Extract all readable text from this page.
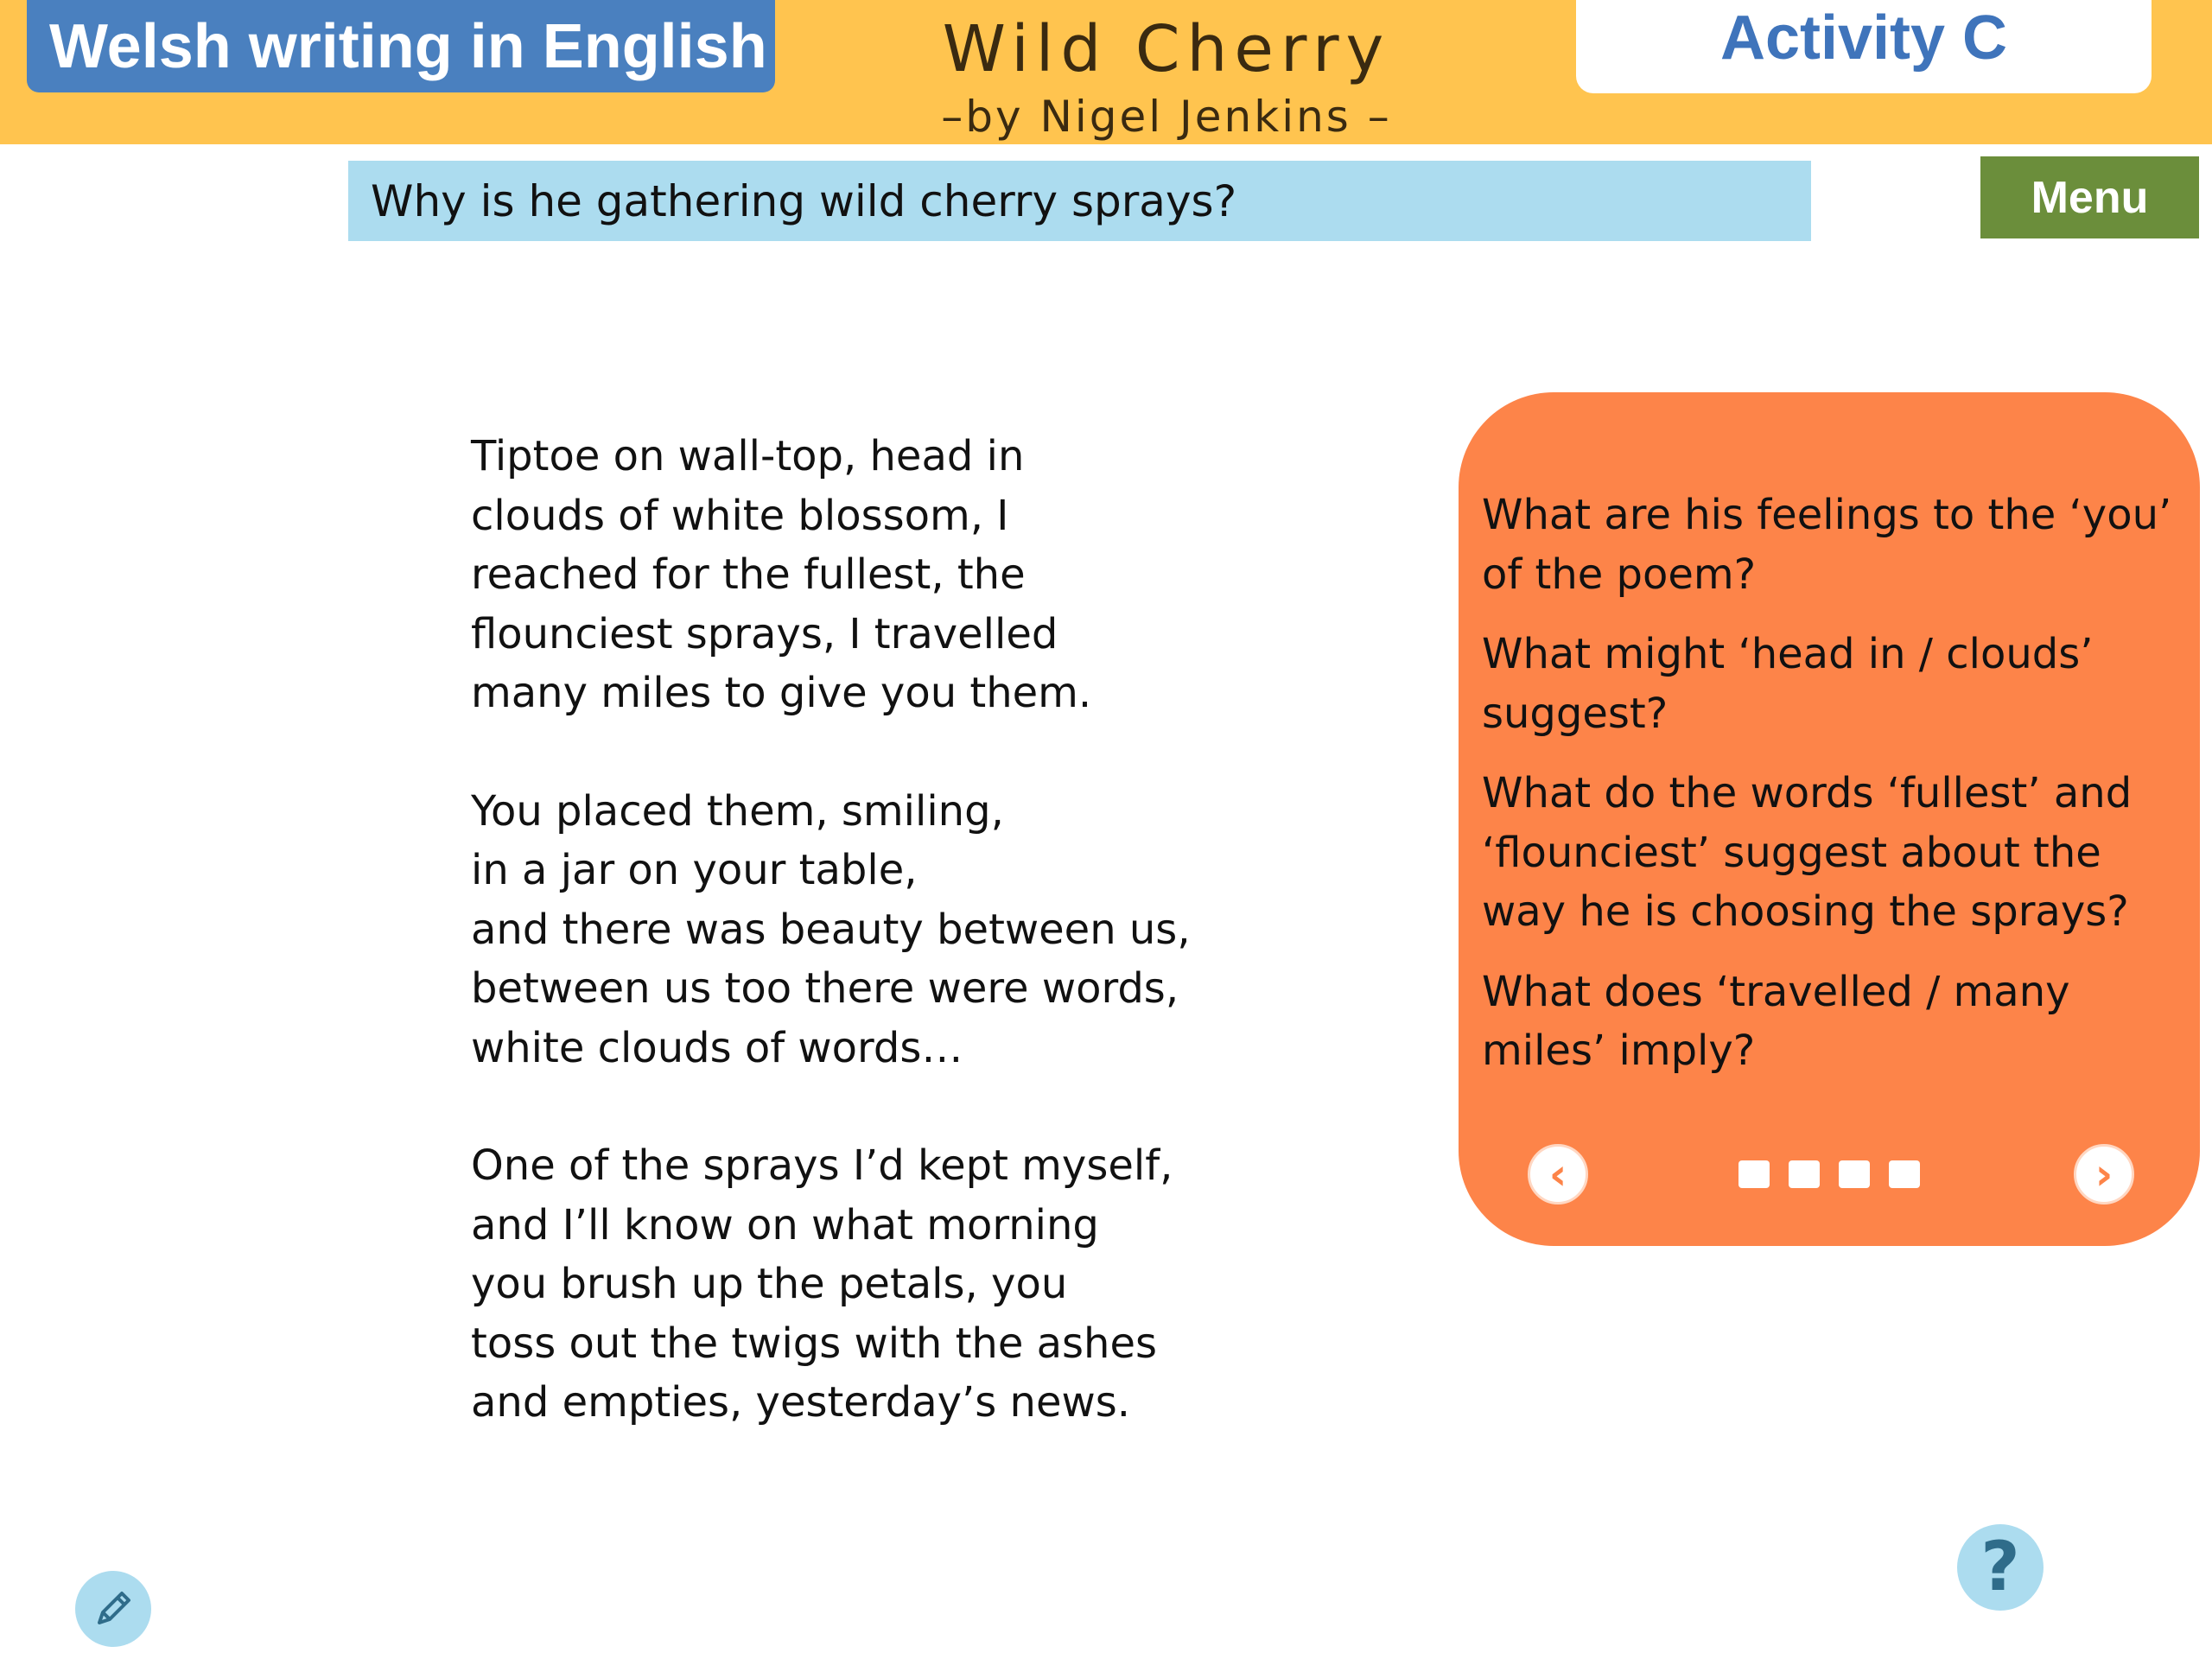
Welsh writing in English	Wild Cherry
–by Nigel Jenkins –
Activity C
Why is he gathering wild cherry sprays?	Menu
Tiptoe on wall-top, head in
clouds of white blossom, I
reached for the fullest, the
flounciest sprays, I travelled
many miles to give you them.
You placed them, smiling,
in a jar on your table,
and there was beauty between us,
between us too there were words,
white clouds of words…
One of the sprays I’d kept myself,
and I’ll know on what morning
you brush up the petals, you
toss out the twigs with the ashes
and empties, yesterday’s news.
What are his feelings to the ‘you’ of the poem?
What might ‘head in / clouds’ suggest?
What do the words ‘fullest’ and ‘flounciest’ suggest about the way he is choosing the sprays?
What does ‘travelled / many miles’ imply?
‹	›
?
